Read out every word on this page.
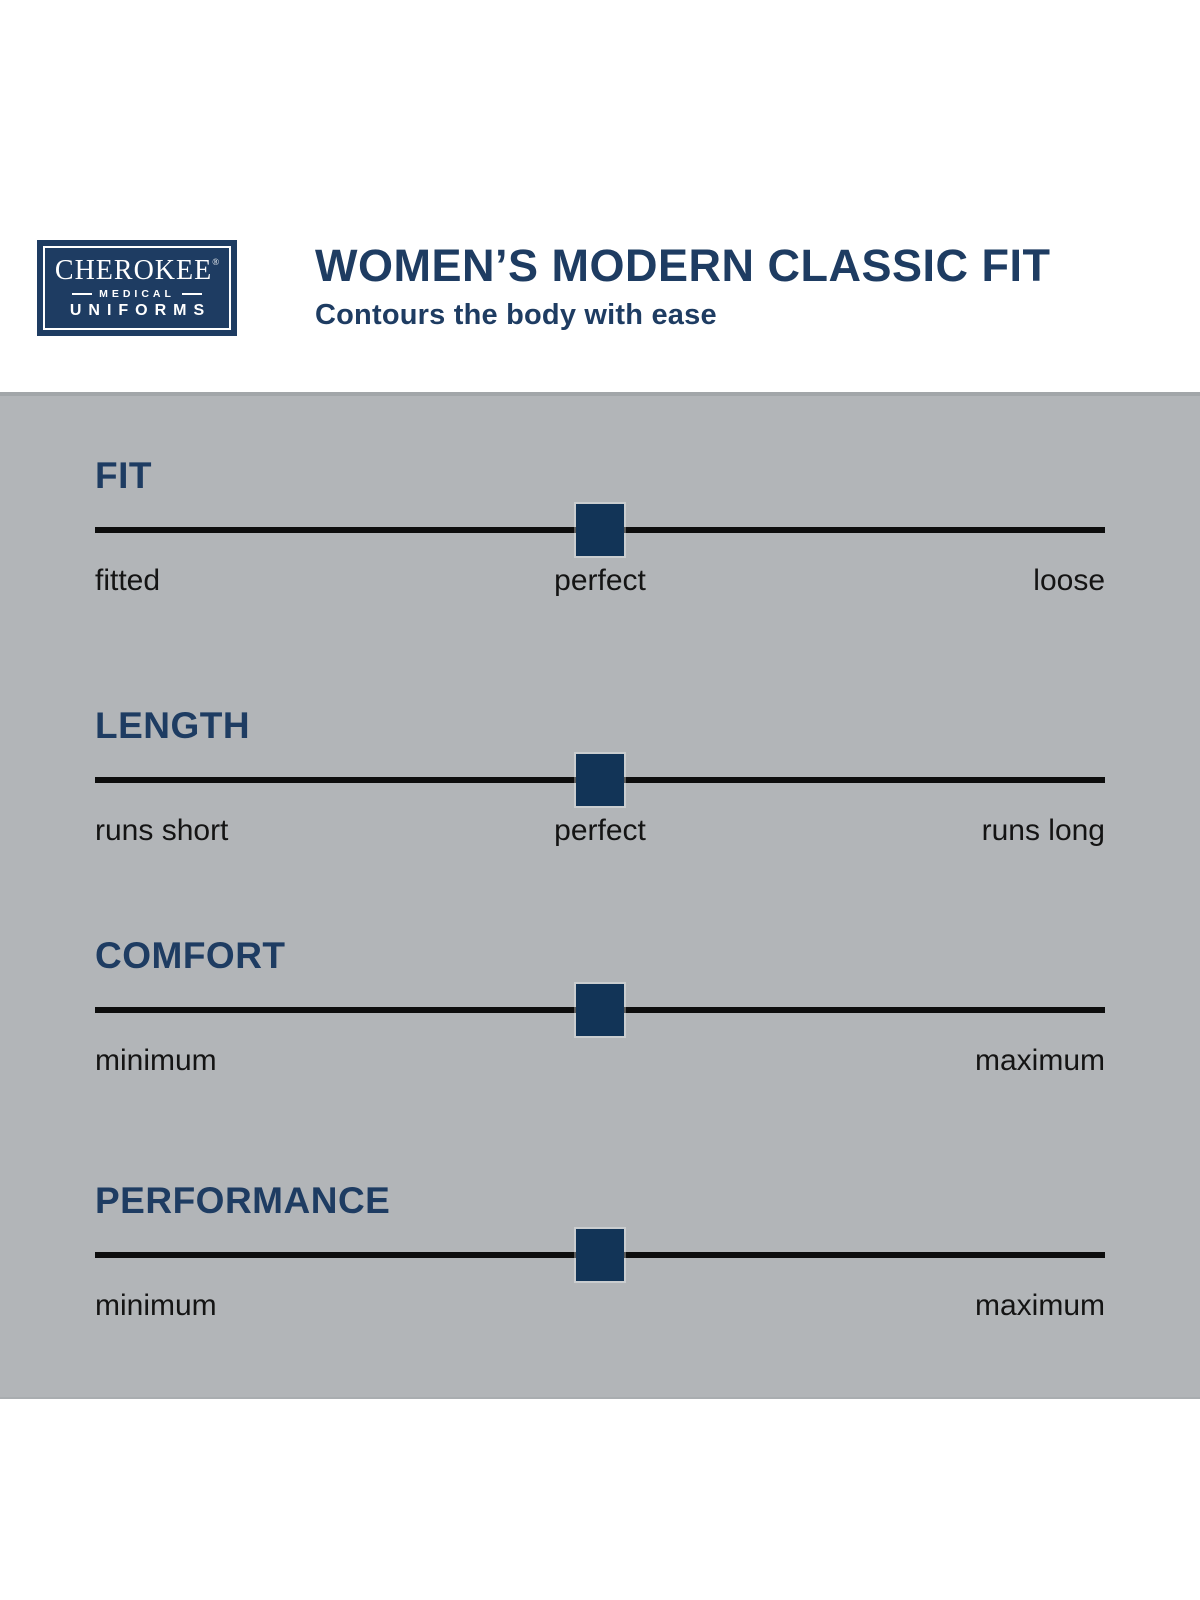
CHEROKEE®
MEDICAL
UNIFORMS
WOMEN’S MODERN CLASSIC FIT

Contours the body with ease

FIT
fitted	perfect	loose
LENGTH
runs short	perfect	runs long
COMFORT
minimum	maximum
PERFORMANCE
minimum	maximum
